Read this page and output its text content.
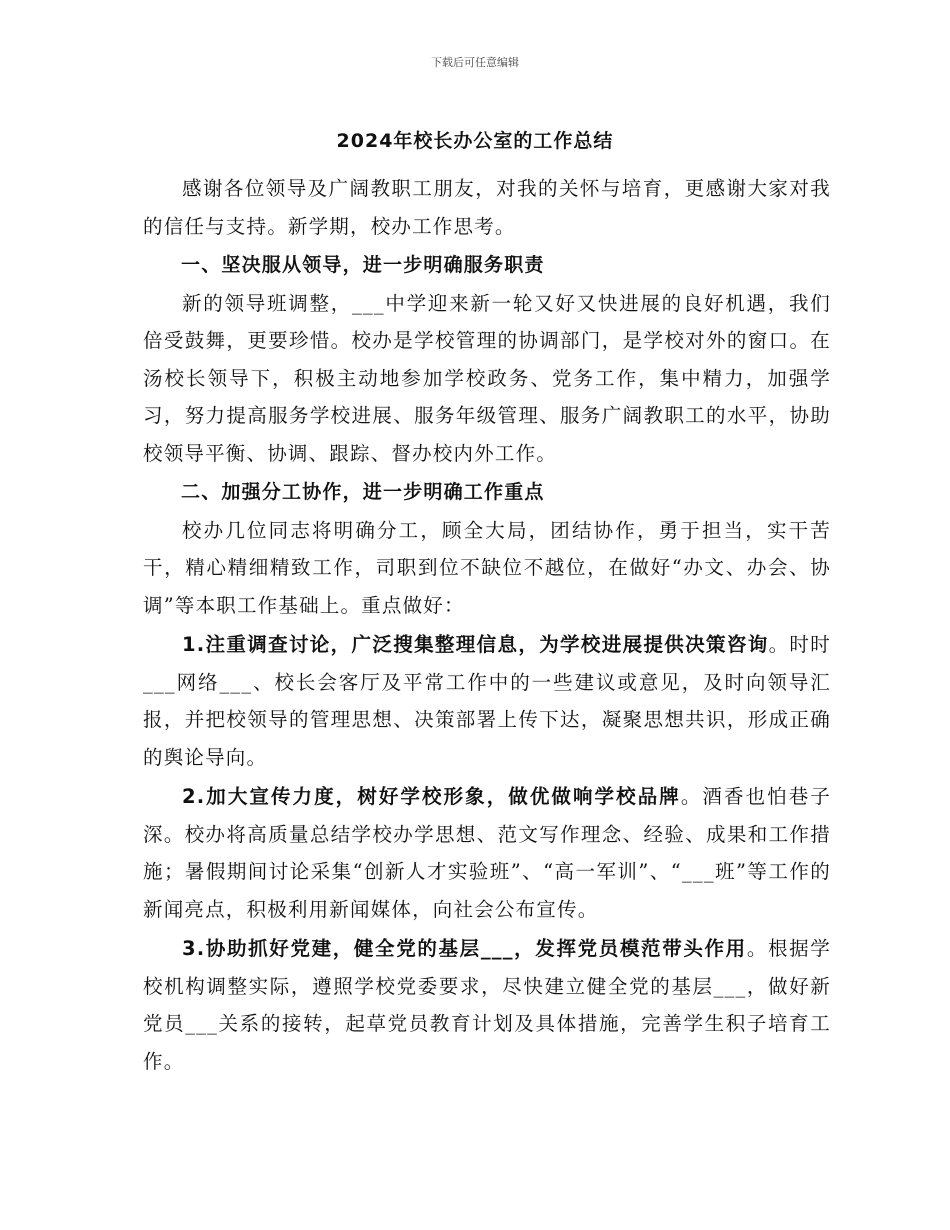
下载后可任意编辑
2024年校长办公室的工作总结

感谢各位领导及广阔教职工朋友，对我的关怀与培育，更感谢大家对我的信任与支持。新学期，校办工作思考。

一、坚决服从领导，进一步明确服务职责

新的领导班调整，___中学迎来新一轮又好又快进展的良好机遇，我们倍受鼓舞，更要珍惜。校办是学校管理的协调部门，是学校对外的窗口。在汤校长领导下，积极主动地参加学校政务、党务工作，集中精力，加强学习，努力提高服务学校进展、服务年级管理、服务广阔教职工的水平，协助校领导平衡、协调、跟踪、督办校内外工作。

二、加强分工协作，进一步明确工作重点

校办几位同志将明确分工，顾全大局，团结协作，勇于担当，实干苦干，精心精细精致工作，司职到位不缺位不越位，在做好“办文、办会、协调”等本职工作基础上。重点做好：

1.注重调查讨论，广泛搜集整理信息，为学校进展提供决策咨询。时时___网络___、校长会客厅及平常工作中的一些建议或意见，及时向领导汇报，并把校领导的管理思想、决策部署上传下达，凝聚思想共识，形成正确的舆论导向。

2.加大宣传力度，树好学校形象，做优做响学校品牌。酒香也怕巷子深。校办将高质量总结学校办学思想、范文写作理念、经验、成果和工作措施；暑假期间讨论采集“创新人才实验班”、“高一军训”、“___班”等工作的新闻亮点，积极利用新闻媒体，向社会公布宣传。

3.协助抓好党建，健全党的基层___，发挥党员模范带头作用。根据学校机构调整实际，遵照学校党委要求，尽快建立健全党的基层___，做好新党员___关系的接转，起草党员教育计划及具体措施，完善学生积子培育工作。
